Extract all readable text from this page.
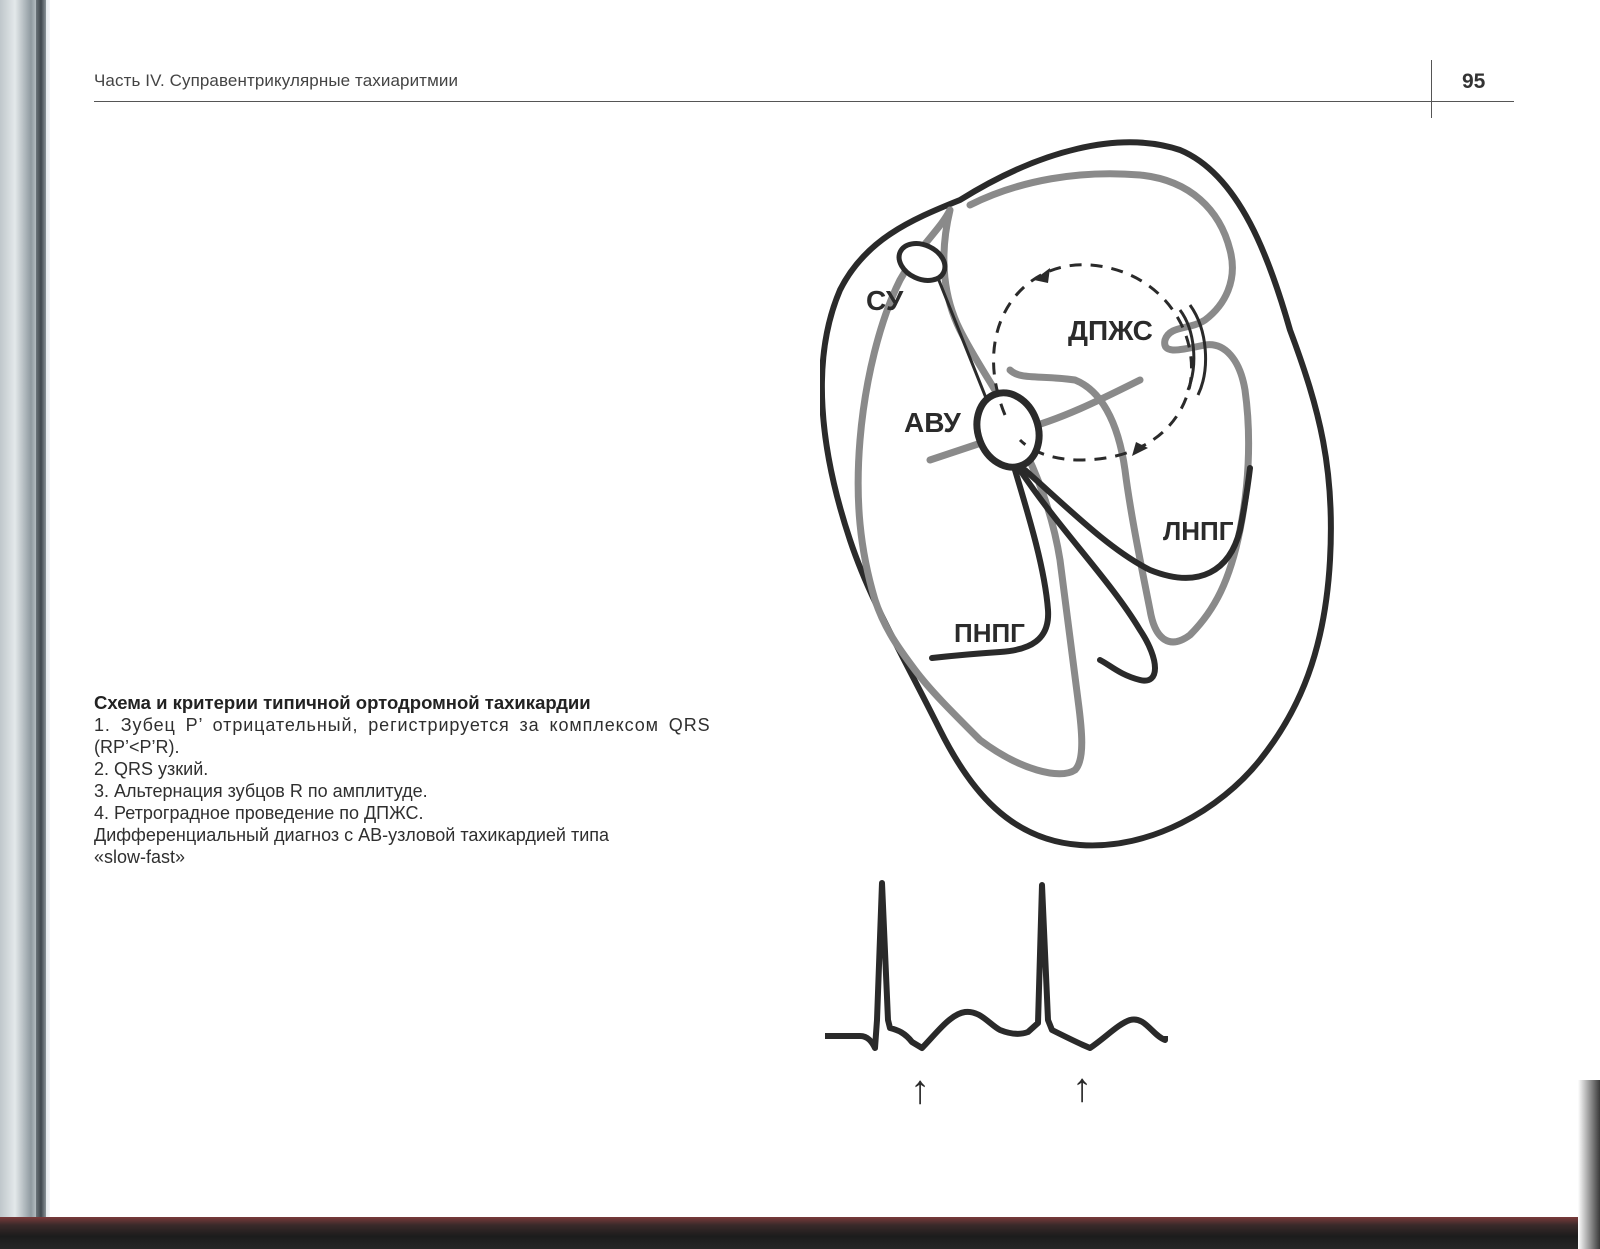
Часть IV. Суправентрикулярные тахиаритмии	95
Схема и критерии типичной ортодромной тахикардии
1. Зубец P’ отрицательный, регистрируется за комплексом QRS
(RP’<P’R).
2. QRS узкий.
3. Альтернация зубцов R по амплитуде.
4. Ретроградное проведение по ДПЖС.
Дифференциальный диагноз с АВ-узловой тахикардией типа
«slow-fast»
СУ
ДПЖС
АВУ
ЛНПГ
ПНПГ
↑	↑
